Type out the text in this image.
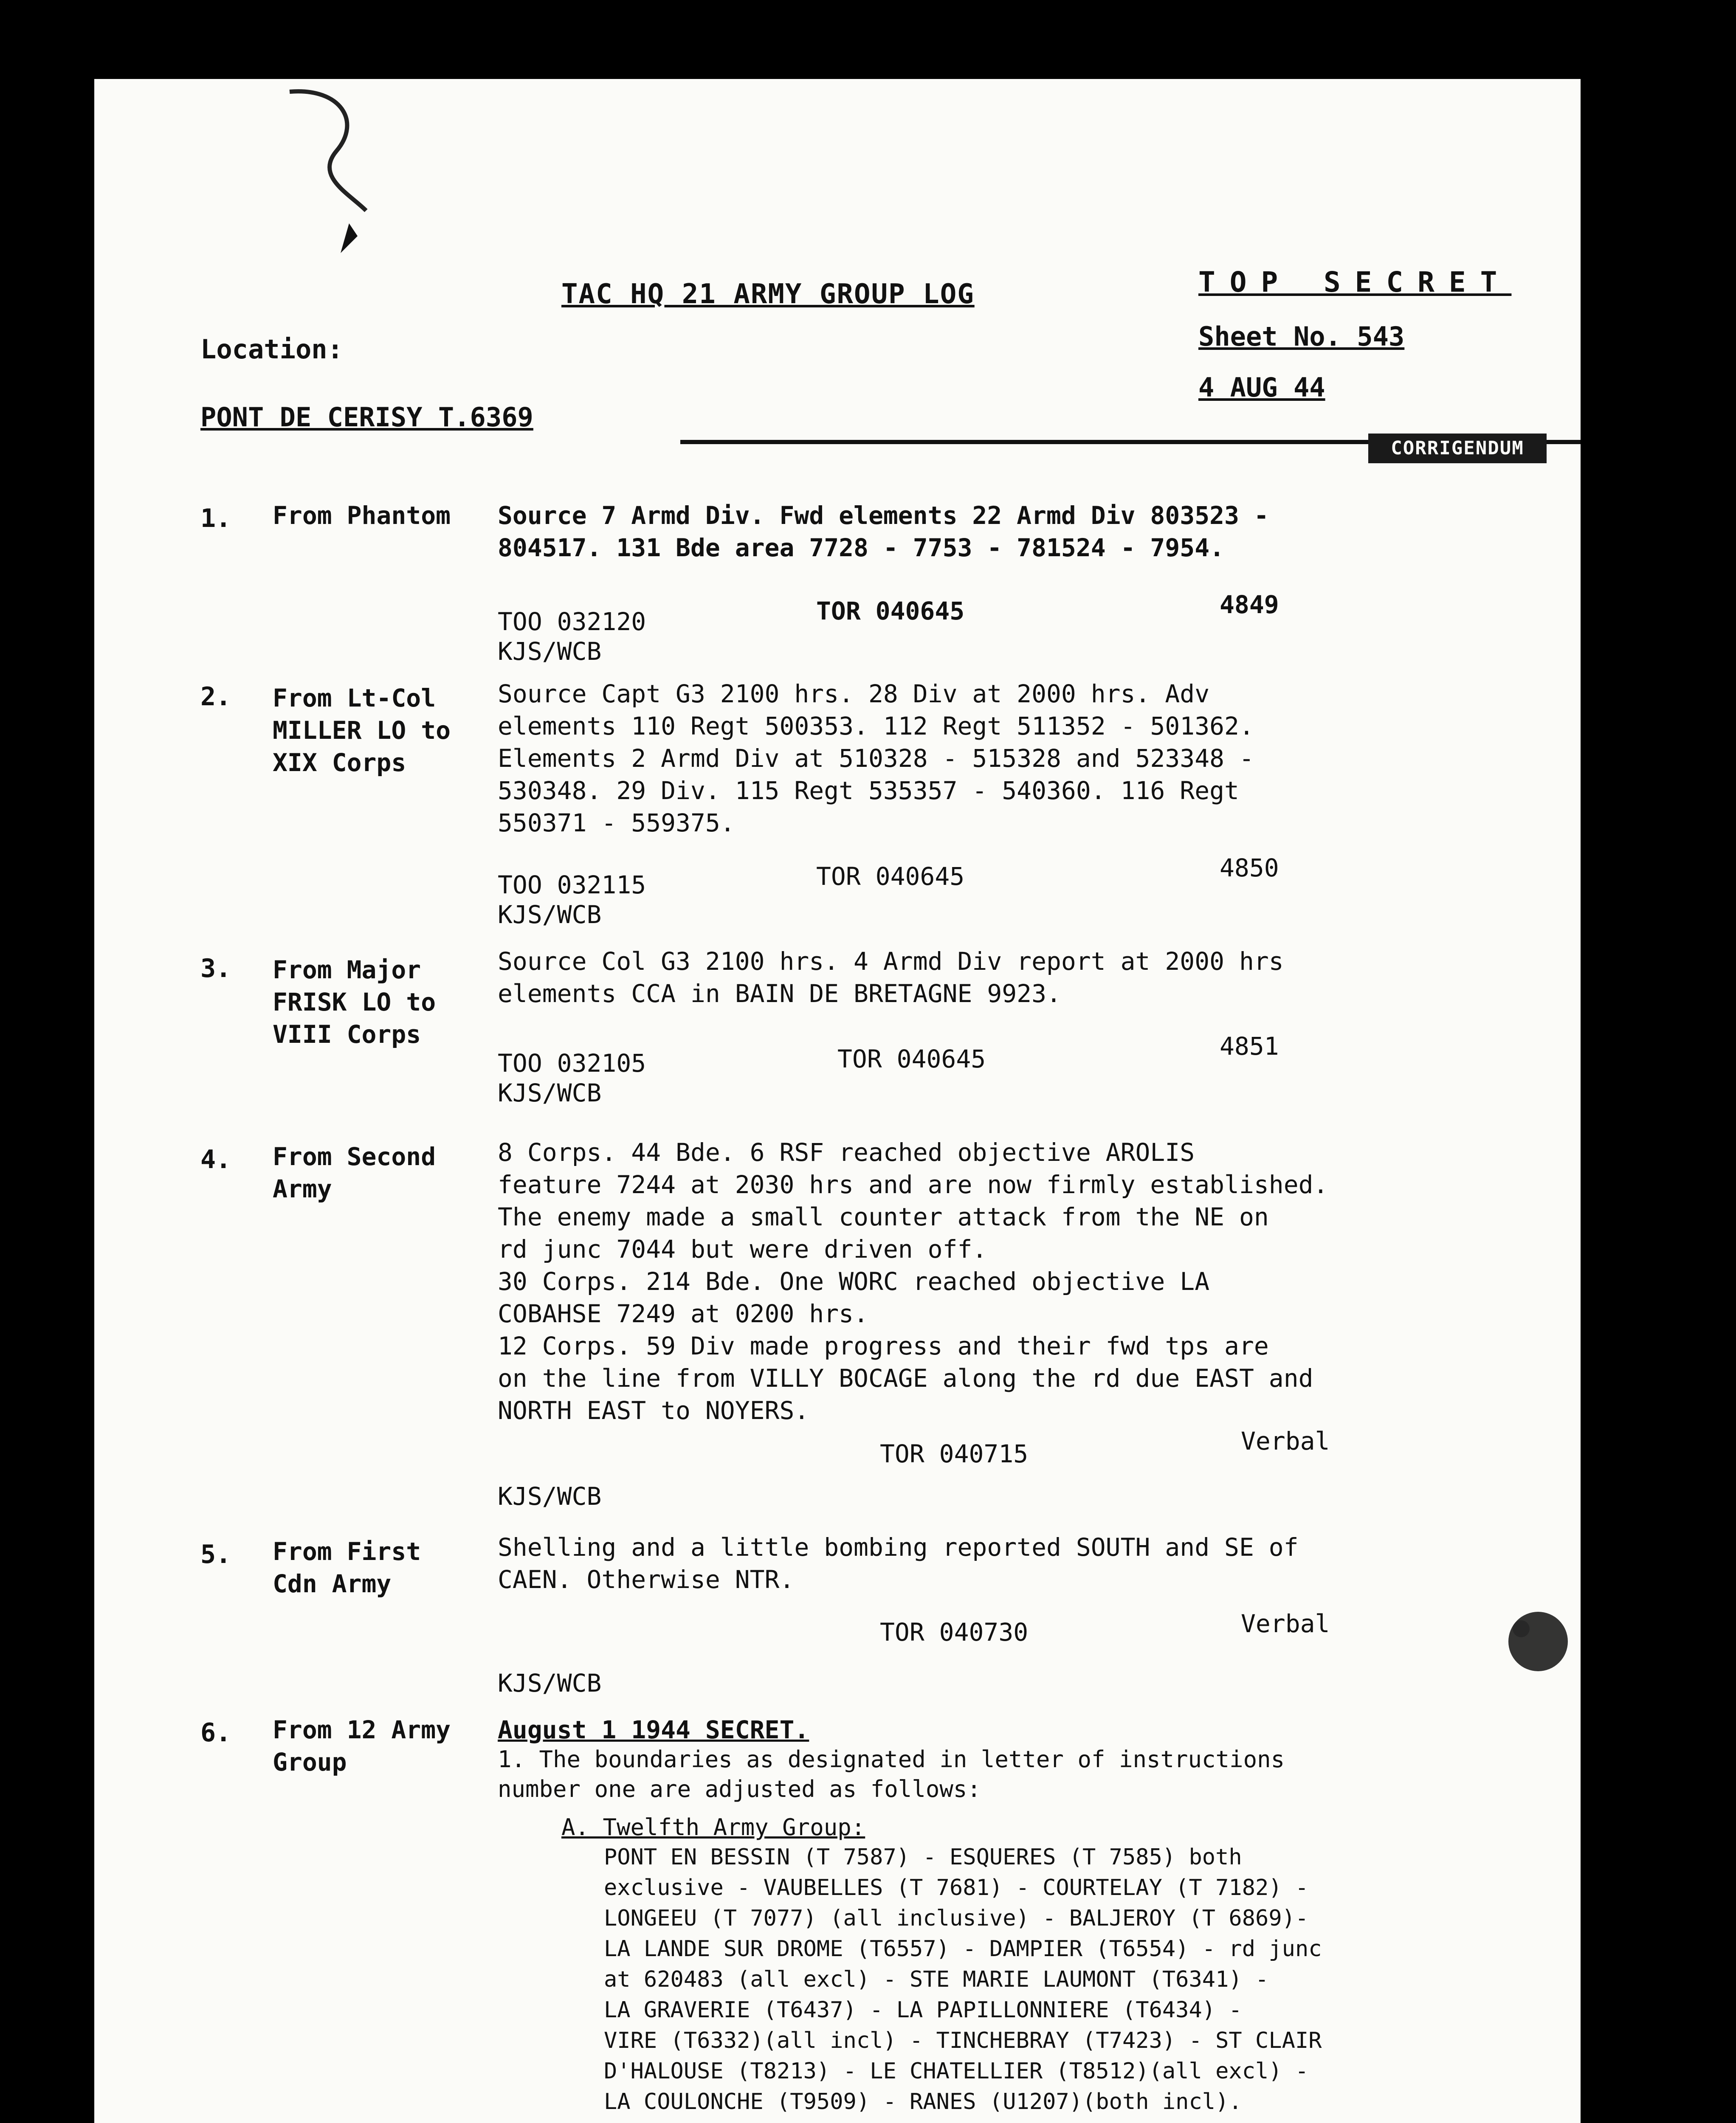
TAC HQ 21 ARMY GROUP LOG	TOP SECRET
Sheet No. 543
4 AUG 44
Location:
PONT DE CERISY T.6369
CORRIGENDUM
1. From Phantom Source 7 Armd Div. Fwd elements 22 Armd Div 803523 -
804517. 131 Bde area 7728 - 7753 - 781524 - 7954.
TOO 032120	TOR 040645	4849
KJS/WCB
2. From Lt-Col
MILLER LO to
XIX Corps
Source Capt G3 2100 hrs. 28 Div at 2000 hrs. Adv
elements 110 Regt 500353. 112 Regt 511352 - 501362.
Elements 2 Armd Div at 510328 - 515328 and 523348 -
530348. 29 Div. 115 Regt 535357 - 540360. 116 Regt
550371 - 559375.
TOO 032115	TOR 040645	4850
KJS/WCB
3. From Major
FRISK LO to
VIII Corps
Source Col G3 2100 hrs. 4 Armd Div report at 2000 hrs
elements CCA in BAIN DE BRETAGNE 9923.
TOO 032105	TOR 040645	4851
KJS/WCB
4. From Second
Army
8 Corps. 44 Bde. 6 RSF reached objective AROLIS
feature 7244 at 2030 hrs and are now firmly established.
The enemy made a small counter attack from the NE on
rd junc 7044 but were driven off.
30 Corps. 214 Bde. One WORC reached objective LA
COBAHSE 7249 at 0200 hrs.
12 Corps. 59 Div made progress and their fwd tps are
on the line from VILLY BOCAGE along the rd due EAST and
NORTH EAST to NOYERS.
TOR 040715	Verbal
KJS/WCB
5. From First
Cdn Army
Shelling and a little bombing reported SOUTH and SE of
CAEN. Otherwise NTR.
TOR 040730	Verbal
KJS/WCB
6. From 12 Army
Group
August 1 1944 SECRET.
1. The boundaries as designated in letter of instructions
number one are adjusted as follows:
A. Twelfth Army Group:
PONT EN BESSIN (T 7587) - ESQUERES (T 7585) both
exclusive - VAUBELLES (T 7681) - COURTELAY (T 7182) -
LONGEEU (T 7077) (all inclusive) - BALJEROY (T 6869)-
LA LANDE SUR DROME (T6557) - DAMPIER (T6554) - rd junc
at 620483 (all excl) - STE MARIE LAUMONT (T6341) -
LA GRAVERIE (T6437) - LA PAPILLONNIERE (T6434) -
VIRE (T6332)(all incl) - TINCHEBRAY (T7423) - ST CLAIR
D'HALOUSE (T8213) - LE CHATELLIER (T8512)(all excl) -
LA COULONCHE (T9509) - RANES (U1207)(both incl).
